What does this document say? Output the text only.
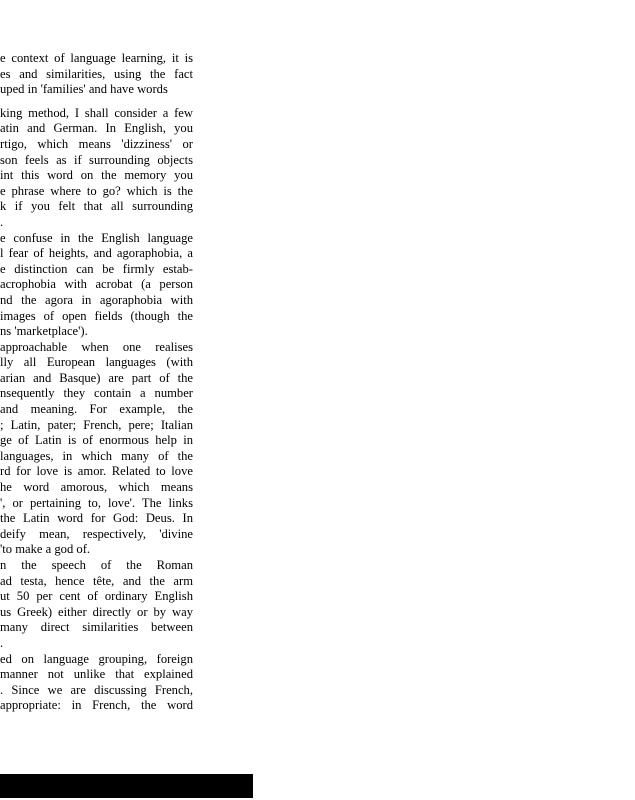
e context of language learning, it is
es and similarities, using the fact
uped in 'families' and have words
king method, I shall consider a few
atin and German. In English, you
rtigo, which means 'dizziness' or
son feels as if surrounding objects
int this word on the memory you
e phrase where to go? which is the
k if you felt that all surrounding
.
e confuse in the English language
l fear of heights, and agoraphobia, a
e distinction can be firmly estab-
acrophobia with acrobat (a person
nd the agora in agoraphobia with
images of open fields (though the
ns 'marketplace').
approachable when one realises
lly all European languages (with
arian and Basque) are part of the
nsequently they contain a number
and meaning. For example, the
; Latin, pater; French, pere; Italian
ge of Latin is of enormous help in
languages, in which many of the
rd for love is amor. Related to love
he word amorous, which means
', or pertaining to, love'. The links
the Latin word for God: Deus. In
deify mean, respectively, 'divine
'to make a god of.
n the speech of the Roman
ad testa, hence tête, and the arm
ut 50 per cent of ordinary English
us Greek) either directly or by way
many direct similarities between
.
ed on language grouping, foreign
manner not unlike that explained
. Since we are discussing French,
appropriate: in French, the word
